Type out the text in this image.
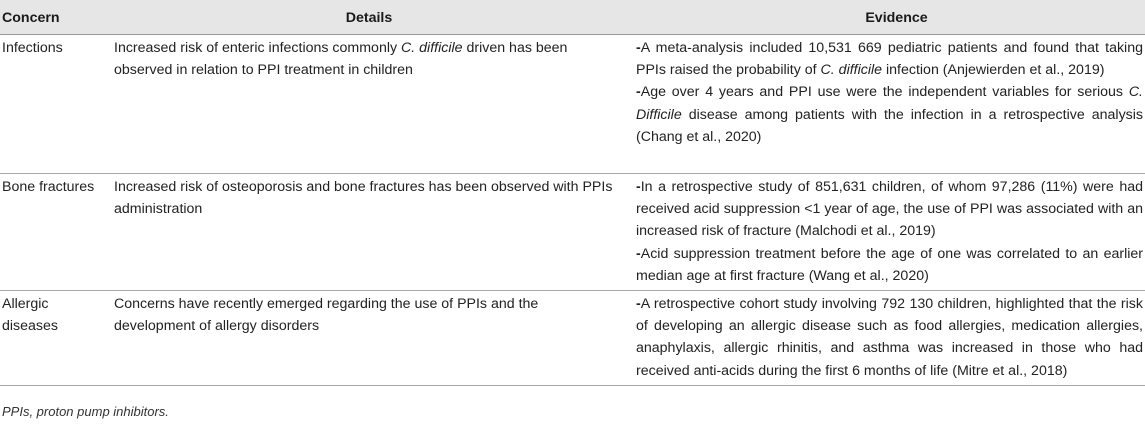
Concern	Details	Evidence
Infections	Increased risk of enteric infections commonly C. difficile driven has been observed in relation to PPI treatment in children	-A meta-analysis included 10,531 669 pediatric patients and found that taking PPIs raised the probability of C. difficile infection (Anjewierden et al., 2019)

-Age over 4 years and PPI use were the independent variables for serious C. Difficile disease among patients with the infection in a retrospective analysis (Chang et al., 2020)

Bone fractures	Increased risk of osteoporosis and bone fractures has been observed with PPIs administration	-In a retrospective study of 851,631 children, of whom 97,286 (11%) were had received acid suppression <1 year of age, the use of PPI was associated with an increased risk of fracture (Malchodi et al., 2019)

-Acid suppression treatment before the age of one was correlated to an earlier median age at first fracture (Wang et al., 2020)

Allergic diseases	Concerns have recently emerged regarding the use of PPIs and the development of allergy disorders	-A retrospective cohort study involving 792 130 children, highlighted that the risk of developing an allergic disease such as food allergies, medication allergies, anaphylaxis, allergic rhinitis, and asthma was increased in those who had received anti-acids during the first 6 months of life (Mitre et al., 2018)

PPIs, proton pump inhibitors.
